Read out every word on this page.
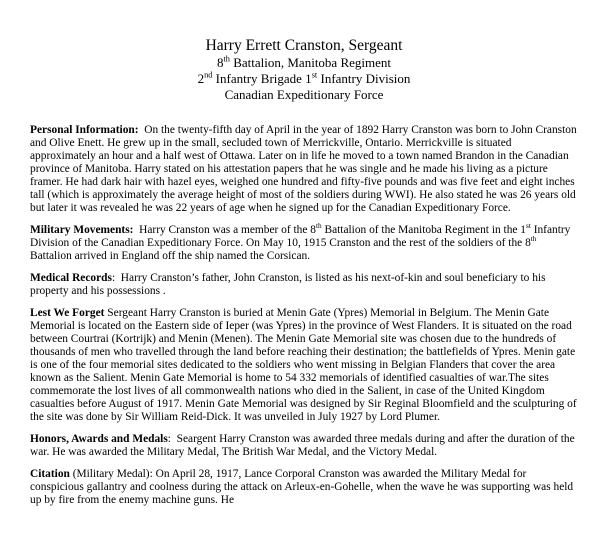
Harry Errett Cranston, Sergeant
8th Battalion, Manitoba Regiment
2nd Infantry Brigade 1st Infantry Division
Canadian Expeditionary Force

Personal Information:  On the twenty-fifth day of April in the year of 1892 Harry Cranston was born to John Cranston and Olive Enett. He grew up in the small, secluded town of Merrickville, Ontario. Merrickville is situated approximately an hour and a half west of Ottawa. Later on in life he moved to a town named Brandon in the Canadian province of Manitoba. Harry stated on his attestation papers that he was single and he made his living as a picture framer. He had dark hair with hazel eyes, weighed one hundred and fifty-five pounds and was five feet and eight inches tall (which is approximately the average height of most of the soldiers during WWI). He also stated he was 26 years old but later it was revealed he was 22 years of age when he signed up for the Canadian Expeditionary Force.

Military Movements:  Harry Cranston was a member of the 8th Battalion of the Manitoba Regiment in the 1st Infantry Division of the Canadian Expeditionary Force. On May 10, 1915 Cranston and the rest of the soldiers of the 8th Battalion arrived in England off the ship named the Corsican.

Medical Records:  Harry Cranston’s father, John Cranston, is listed as his next-of-kin and soul beneficiary to his property and his possessions .

Lest We Forget Sergeant Harry Cranston is buried at Menin Gate (Ypres) Memorial in Belgium. The Menin Gate Memorial is located on the Eastern side of Ieper (was Ypres) in the province of West Flanders. It is situated on the road between Courtrai (Kortrijk) and Menin (Menen). The Menin Gate Memorial site was chosen due to the hundreds of thousands of men who travelled through the land before reaching their destination; the battlefields of Ypres. Menin gate is one of the four memorial sites dedicated to the soldiers who went missing in Belgian Flanders that cover the area known as the Salient. Menin Gate Memorial is home to 54 332 memorials of identified casualties of war.The sites commemorate the lost lives of all commonwealth nations who died in the Salient, in case of the United Kingdom casualties before August of 1917. Menin Gate Memorial was designed by Sir Reginal Bloomfield and the sculpturing of the site was done by Sir William Reid-Dick. It was unveiled in July 1927 by Lord Plumer.

Honors, Awards and Medals:  Seargent Harry Cranston was awarded three medals during and after the duration of the war. He was awarded the Military Medal, The British War Medal, and the Victory Medal.

Citation (Military Medal): On April 28, 1917, Lance Corporal Cranston was awarded the Military Medal for conspicious gallantry and coolness during the attack on Arleux-en-Gohelle, when the wave he was supporting was held up by fire from the enemy machine guns. He
